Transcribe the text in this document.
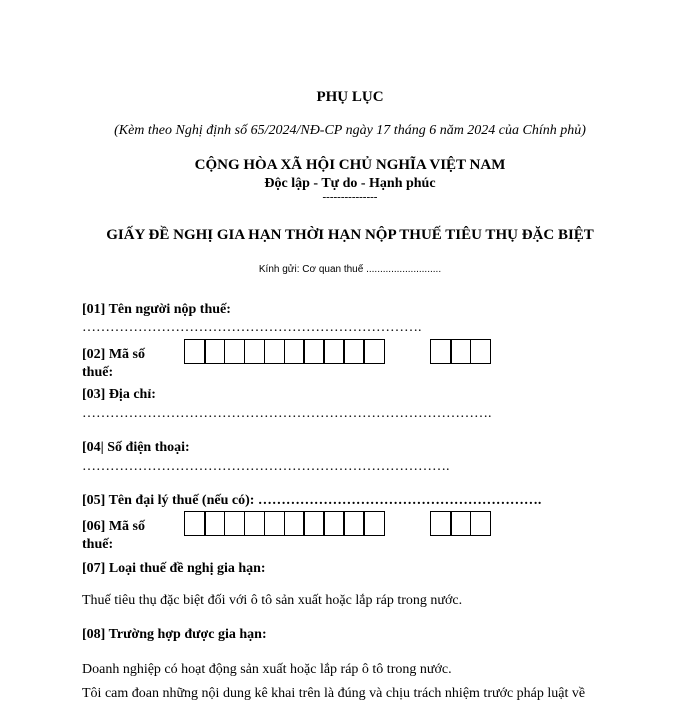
PHỤ LỤC
(Kèm theo Nghị định số 65/2024/NĐ-CP ngày 17 tháng 6 năm 2024 của Chính phủ)
CỘNG HÒA XÃ HỘI CHỦ NGHĨA VIỆT NAM
Độc lập - Tự do - Hạnh phúc
---------------
GIẤY ĐỀ NGHỊ GIA HẠN THỜI HẠN NỘP THUẾ TIÊU THỤ ĐẶC BIỆT
Kính gửi: Cơ quan thuế ...........................
[01] Tên người nộp thuế:
……………………………………………………………….
[02] Mã số
thuế:
[03] Địa chỉ:
…………………………………………………………………………….
[04| Số điện thoại:
…………………………………………………………………….
[05] Tên đại lý thuế (nếu có): …………………………………………………….
[06] Mã số
thuế:
[07] Loại thuế đề nghị gia hạn:
Thuế tiêu thụ đặc biệt đối với ô tô sản xuất hoặc lắp ráp trong nước.
[08] Trường hợp được gia hạn:
Doanh nghiệp có hoạt động sản xuất hoặc lắp ráp ô tô trong nước.
Tôi cam đoan những nội dung kê khai trên là đúng và chịu trách nhiệm trước pháp luật về
